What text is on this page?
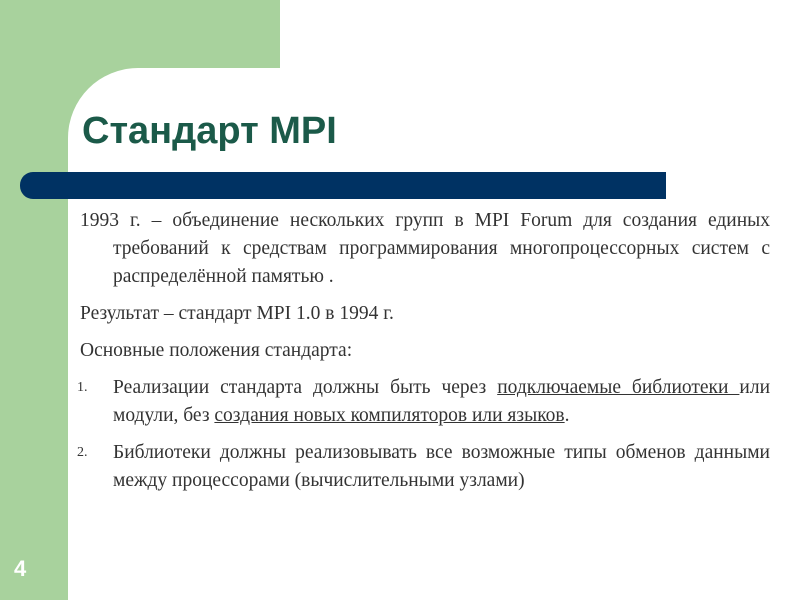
Стандарт MPI

1993 г. – объединение нескольких групп в MPI Forum для создания единых требований к средствам программирования многопроцессорных систем с распределённой памятью .

Результат – стандарт MPI 1.0 в 1994 г.

Основные положения стандарта:

1. Реализации стандарта должны быть через подключаемые библиотеки или модули, без создания новых компиляторов или языков.
2. Библиотеки должны реализовывать все возможные типы обменов данными между процессорами (вычислительными узлами)
4
